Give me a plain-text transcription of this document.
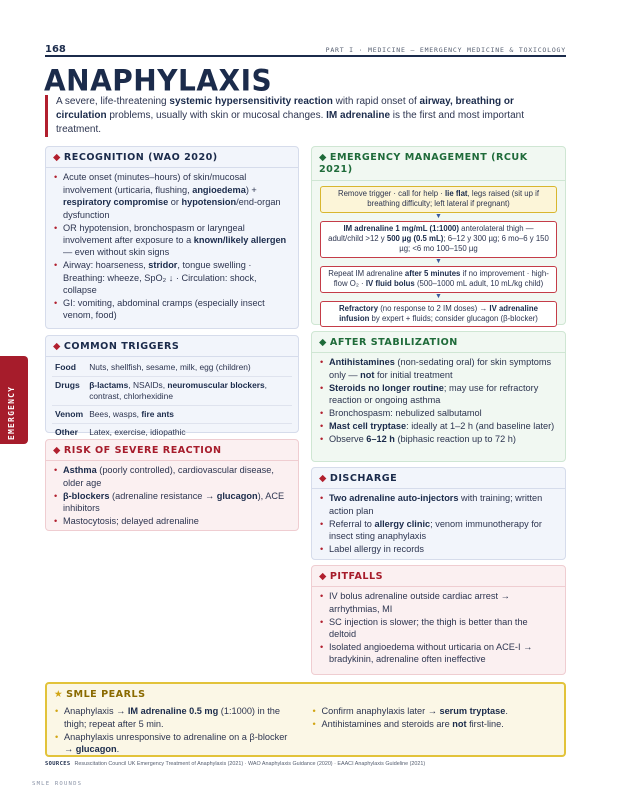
168	PART I · MEDICINE — EMERGENCY MEDICINE & TOXICOLOGY
ANAPHYLAXIS
A severe, life-threatening systemic hypersensitivity reaction with rapid onset of airway, breathing or circulation problems, usually with skin or mucosal changes. IM adrenaline is the first and most important treatment.
EMERGENCY
◆ RECOGNITION (WAO 2020)
• Acute onset (minutes–hours) of skin/mucosal involvement (urticaria, flushing, angioedema) + respiratory compromise or hypotension/end-organ dysfunction
• OR hypotension, bronchospasm or laryngeal involvement after exposure to a known/likely allergen — even without skin signs
• Airway: hoarseness, stridor, tongue swelling · Breathing: wheeze, SpO₂ ↓ · Circulation: shock, collapse
• GI: vomiting, abdominal cramps (especially insect venom, food)
◆ COMMON TRIGGERS
Food	Nuts, shellfish, sesame, milk, egg (children)
Drugs	β-lactams, NSAIDs, neuromuscular blockers, contrast, chlorhexidine
Venom	Bees, wasps, fire ants
Other	Latex, exercise, idiopathic
◆ RISK OF SEVERE REACTION
• Asthma (poorly controlled), cardiovascular disease, older age
• β-blockers (adrenaline resistance → glucagon), ACE inhibitors
• Mastocytosis; delayed adrenaline
◆ EMERGENCY MANAGEMENT (RCUK 2021)
Remove trigger · call for help · lie flat, legs raised (sit up if breathing difficulty; left lateral if pregnant)
▼
IM adrenaline 1 mg/mL (1:1000) anterolateral thigh — adult/child >12 y 500 µg (0.5 mL); 6–12 y 300 µg; 6 mo–6 y 150 µg; <6 mo 100–150 µg
▼
Repeat IM adrenaline after 5 minutes if no improvement · high-flow O₂ · IV fluid bolus (500–1000 mL adult, 10 mL/kg child)
▼
Refractory (no response to 2 IM doses) → IV adrenaline infusion by expert + fluids; consider glucagon (β-blocker)
◆ AFTER STABILIZATION
• Antihistamines (non-sedating oral) for skin symptoms only — not for initial treatment
• Steroids no longer routine; may use for refractory reaction or ongoing asthma
• Bronchospasm: nebulized salbutamol
• Mast cell tryptase: ideally at 1–2 h (and baseline later)
• Observe 6–12 h (biphasic reaction up to 72 h)
◆ DISCHARGE
• Two adrenaline auto-injectors with training; written action plan
• Referral to allergy clinic; venom immunotherapy for insect sting anaphylaxis
• Label allergy in records
◆ PITFALLS
• IV bolus adrenaline outside cardiac arrest → arrhythmias, MI
• SC injection is slower; the thigh is better than the deltoid
• Isolated angioedema without urticaria on ACE-I → bradykinin, adrenaline often ineffective
★ SMLE PEARLS
• Anaphylaxis → IM adrenaline 0.5 mg (1:1000) in the thigh; repeat after 5 min.
• Anaphylaxis unresponsive to adrenaline on a β-blocker → glucagon.
• Confirm anaphylaxis later → serum tryptase.
• Antihistamines and steroids are not first-line.
SOURCES Resuscitation Council UK Emergency Treatment of Anaphylaxis (2021) · WAO Anaphylaxis Guidance (2020) · EAACI Anaphylaxis Guideline (2021)
SMLE ROUNDS
